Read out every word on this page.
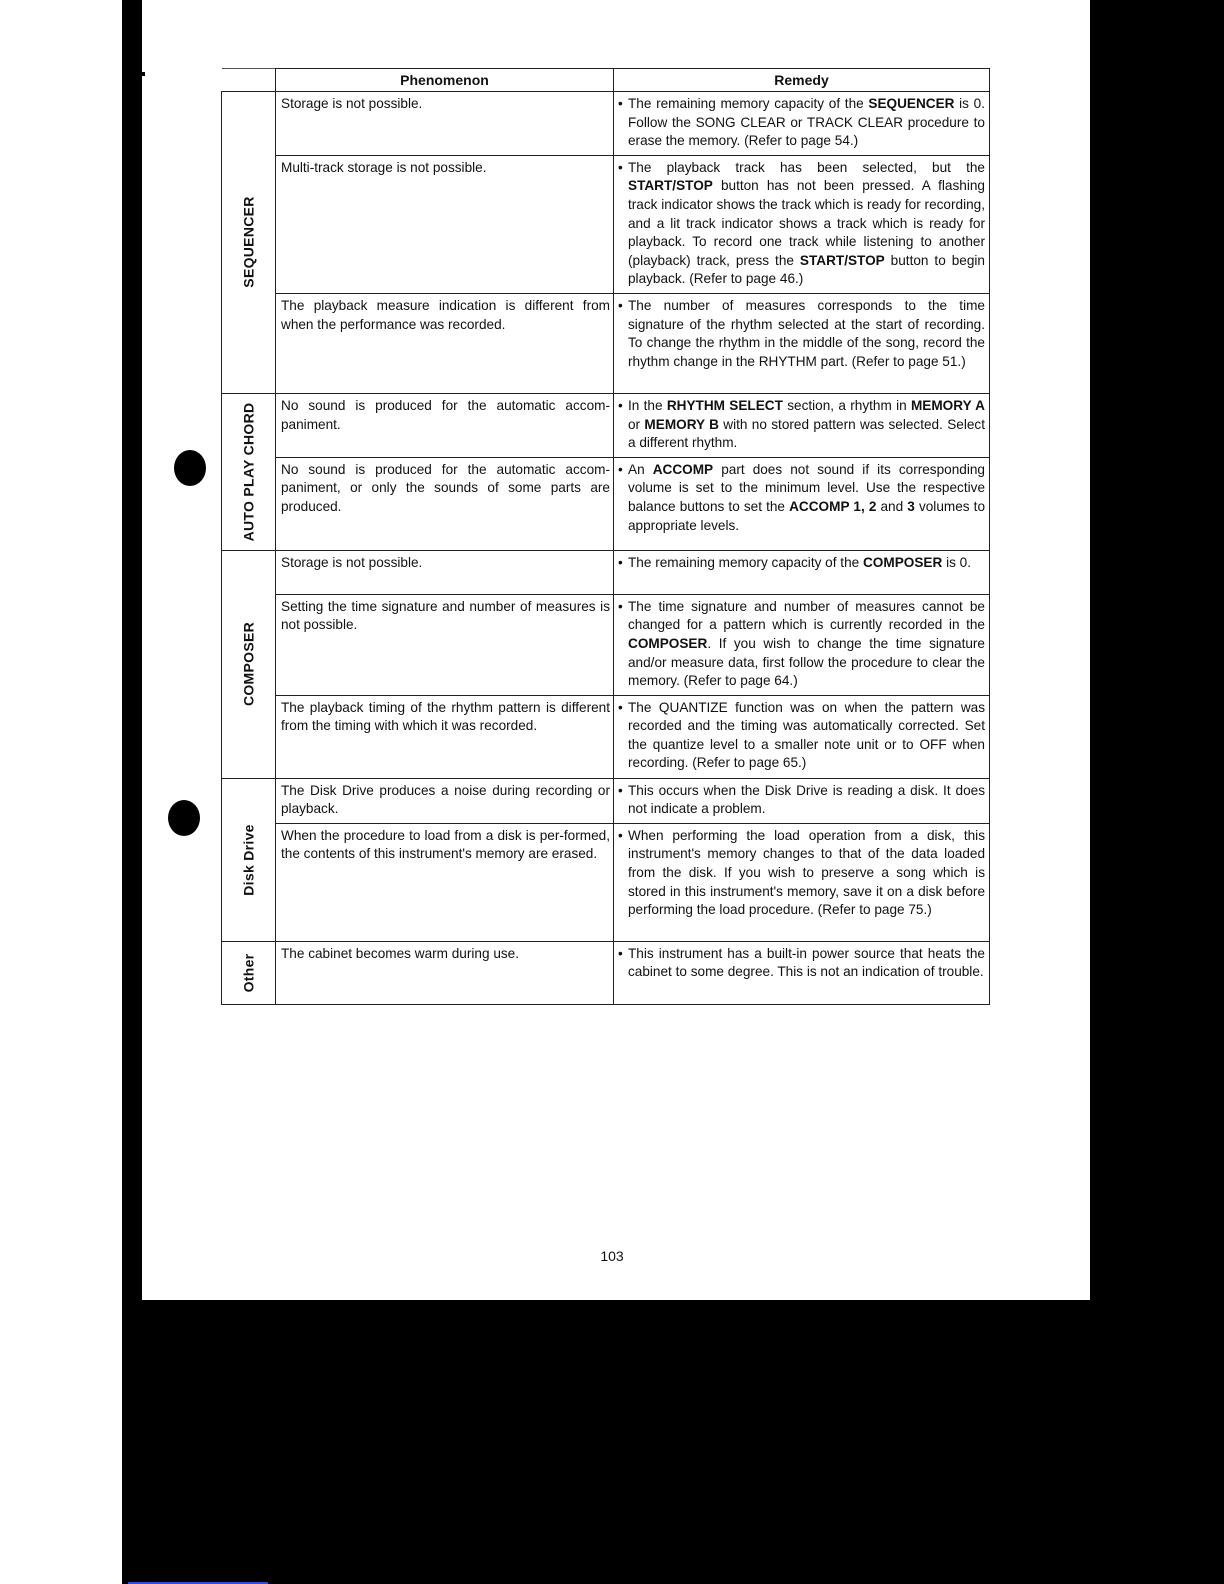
	Phenomenon	Remedy

SEQUENCER	Storage is not possible.	• The remaining memory capacity of the SEQUENCER is 0. Follow the SONG CLEAR or TRACK CLEAR procedure to erase the memory. (Refer to page 54.)

	Multi-track storage is not possible.	• The playback track has been selected, but the START/STOP button has not been pressed. A flashing track indicator shows the track which is ready for recording, and a lit track indicator shows a track which is ready for playback. To record one track while listening to another (playback) track, press the START/STOP button to begin playback. (Refer to page 46.)

	The playback measure indication is different from when the performance was recorded.	• The number of measures corresponds to the time signature of the rhythm selected at the start of recording. To change the rhythm in the middle of the song, record the rhythm change in the RHYTHM part. (Refer to page 51.)

AUTO PLAY CHORD	No sound is produced for the automatic accom-paniment.	• In the RHYTHM SELECT section, a rhythm in MEMORY A or MEMORY B with no stored pattern was selected. Select a different rhythm.

	No sound is produced for the automatic accom-paniment, or only the sounds of some parts are produced.	• An ACCOMP part does not sound if its corresponding volume is set to the minimum level. Use the respective balance buttons to set the ACCOMP 1, 2 and 3 volumes to appropriate levels.

COMPOSER	Storage is not possible.	• The remaining memory capacity of the COMPOSER is 0.

	Setting the time signature and number of measures is not possible.	• The time signature and number of measures cannot be changed for a pattern which is currently recorded in the COMPOSER. If you wish to change the time signature and/or measure data, first follow the procedure to clear the memory. (Refer to page 64.)

	The playback timing of the rhythm pattern is different from the timing with which it was recorded.	• The QUANTIZE function was on when the pattern was recorded and the timing was automatically corrected. Set the quantize level to a smaller note unit or to OFF when recording. (Refer to page 65.)

Disk Drive	The Disk Drive produces a noise during recording or playback.	• This occurs when the Disk Drive is reading a disk. It does not indicate a problem.

	When the procedure to load from a disk is per-formed, the contents of this instrument's memory are erased.	• When performing the load operation from a disk, this instrument's memory changes to that of the data loaded from the disk. If you wish to preserve a song which is stored in this instrument's memory, save it on a disk before performing the load procedure. (Refer to page 75.)

Other	The cabinet becomes warm during use.	• This instrument has a built-in power source that heats the cabinet to some degree. This is not an indication of trouble.
103
